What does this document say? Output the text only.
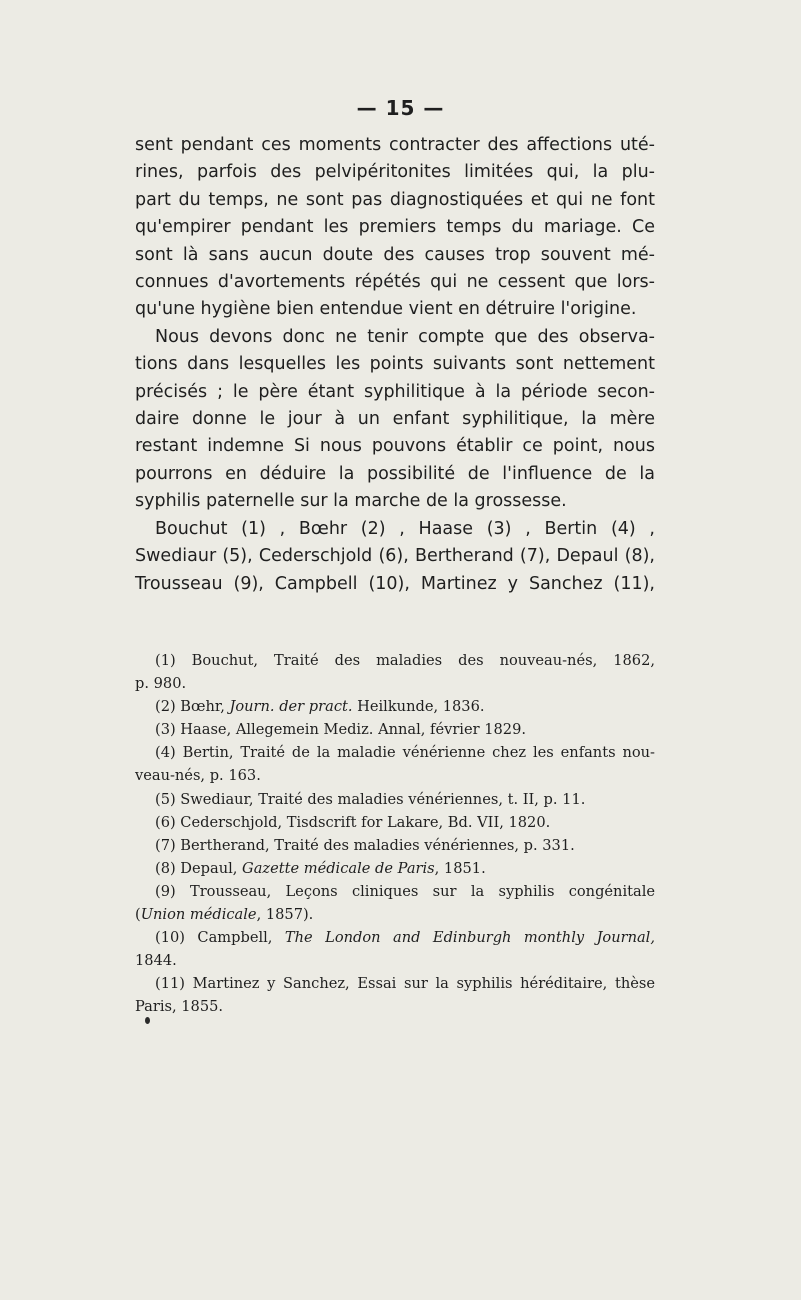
— 15 —
sent pendant ces moments contracter des affections uté-
rines, parfois des pelvipéritonites limitées qui, la plu-
part du temps, ne sont pas diagnostiquées et qui ne font
qu'empirer pendant les premiers temps du mariage. Ce
sont là sans aucun doute des causes trop souvent mé-
connues d'avortements répétés qui ne cessent que lors-
qu'une hygiène bien entendue vient en détruire l'origine.
Nous devons donc ne tenir compte que des observa-
tions dans lesquelles les points suivants sont nettement
précisés ; le père étant syphilitique à la période secon-
daire donne le jour à un enfant syphilitique, la mère
restant indemne Si nous pouvons établir ce point, nous
pourrons en déduire la possibilité de l'influence de la
syphilis paternelle sur la marche de la grossesse.
Bouchut (1) , Bœhr (2) , Haase (3) , Bertin (4) ,
Swediaur (5), Cederschjold (6), Bertherand (7), Depaul (8),
Trousseau (9), Campbell (10), Martinez y Sanchez (11),
(1) Bouchut, Traité des maladies des nouveau-nés, 1862,
p. 980.
(2) Bœhr, Journ. der pract. Heilkunde, 1836.
(3) Haase, Allegemein Mediz. Annal, février 1829.
(4) Bertin, Traité de la maladie vénérienne chez les enfants nou-
veau-nés, p. 163.
(5) Swediaur, Traité des maladies vénériennes, t. II, p. 11.
(6) Cederschjold, Tisdscrift for Lakare, Bd. VII, 1820.
(7) Bertherand, Traité des maladies vénériennes, p. 331.
(8) Depaul, Gazette médicale de Paris, 1851.
(9) Trousseau, Leçons cliniques sur la syphilis congénitale
(Union médicale, 1857).
(10) Campbell, The London and Edinburgh monthly Journal,
1844.
(11) Martinez y Sanchez, Essai sur la syphilis héréditaire, thèse
Paris, 1855.
